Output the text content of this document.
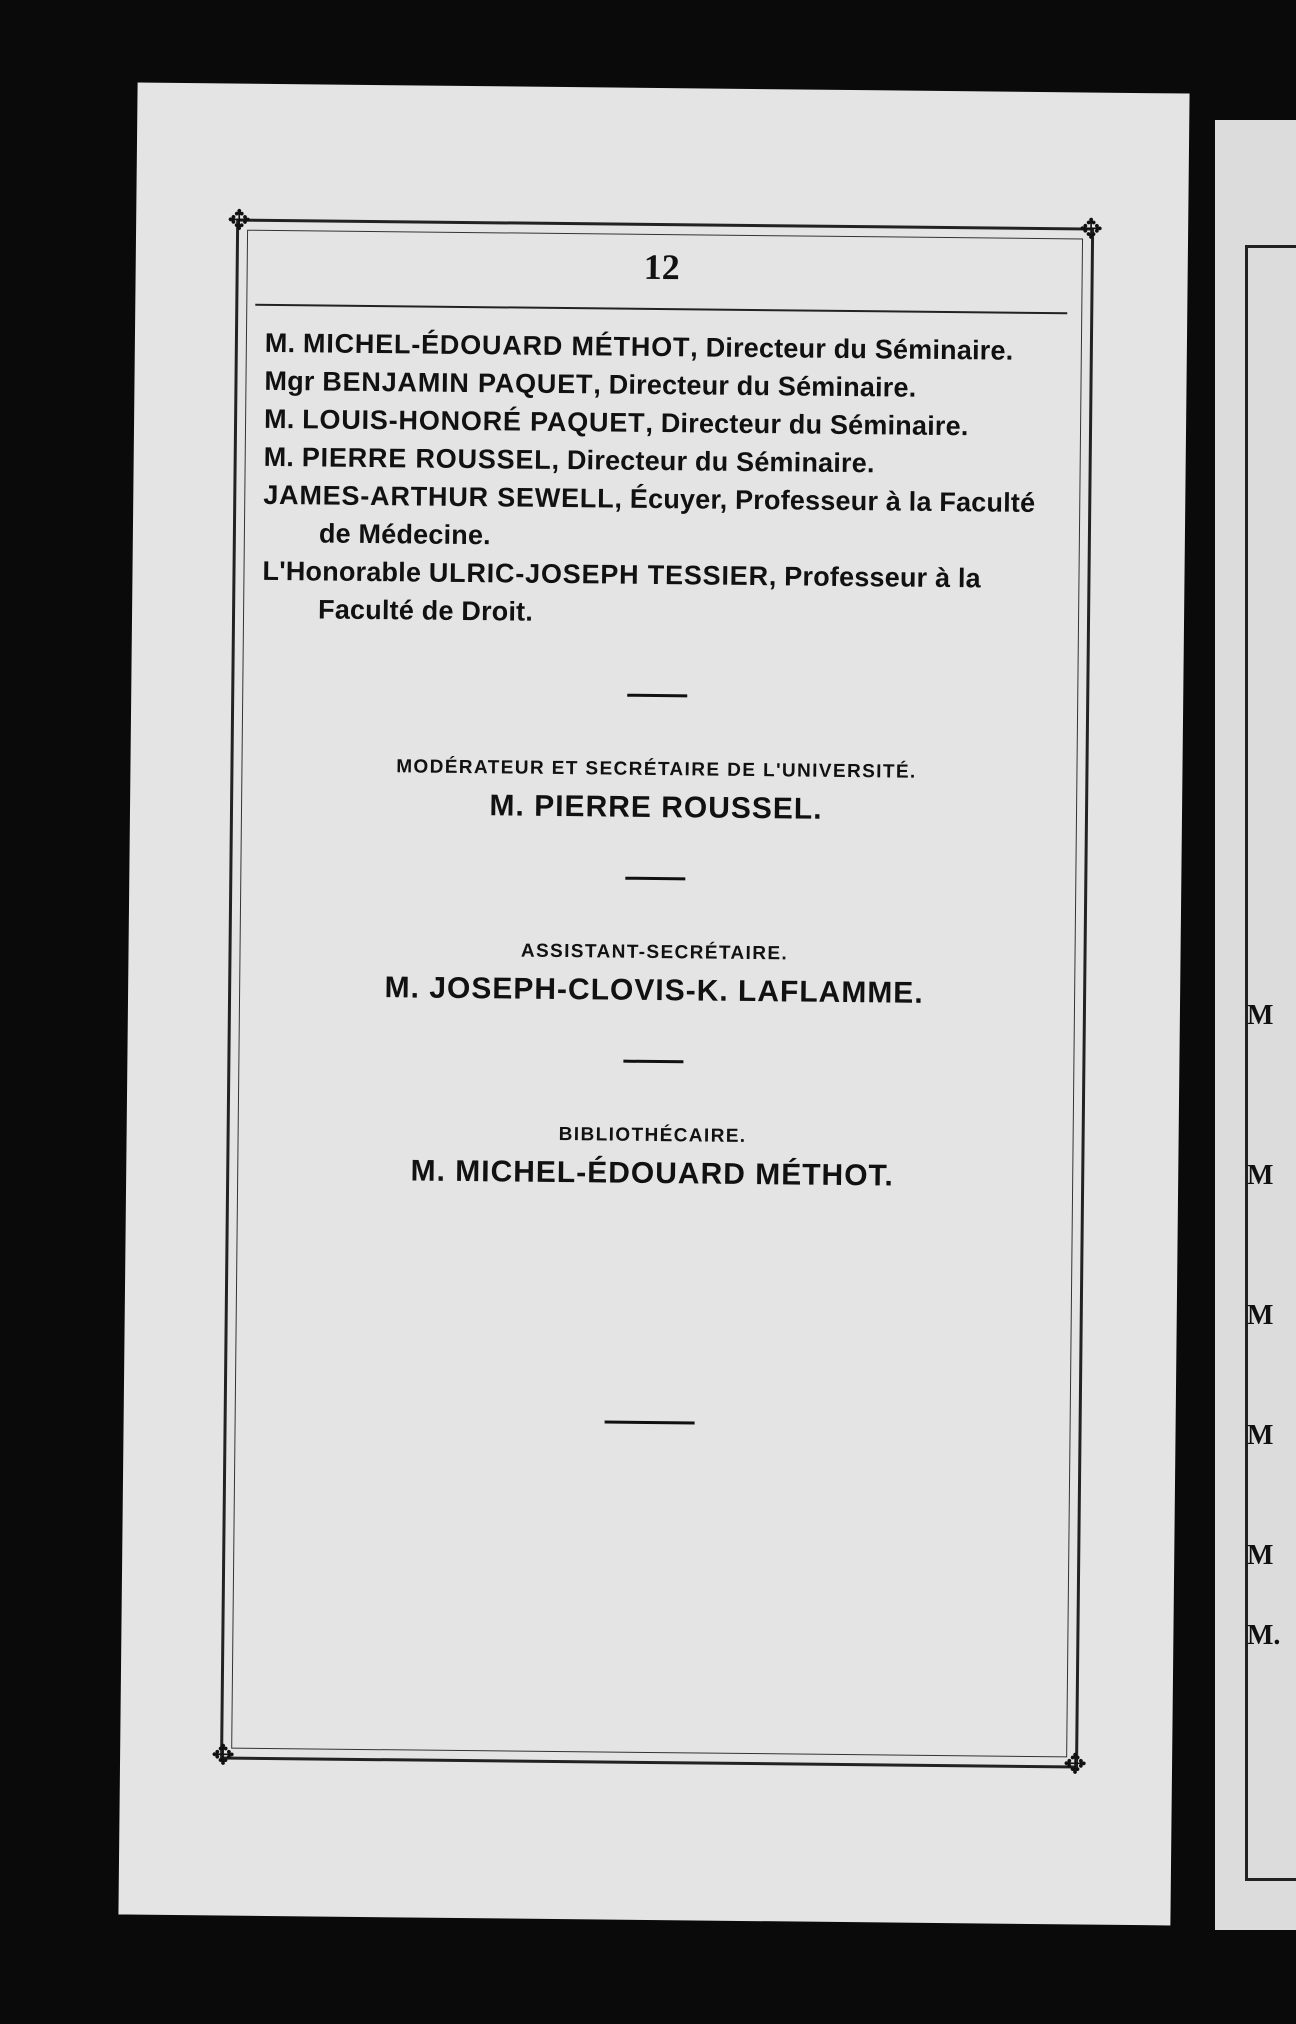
M
M
M
M
M
M.
✥	✥
✥	✥
12
M. MICHEL-ÉDOUARD MÉTHOT, Directeur du Séminaire.
Mgr BENJAMIN PAQUET, Directeur du Séminaire.
M. LOUIS-HONORÉ PAQUET, Directeur du Séminaire.
M. PIERRE ROUSSEL, Directeur du Séminaire.
JAMES-ARTHUR SEWELL, Écuyer, Professeur à la Faculté de Médecine.
L'Honorable ULRIC-JOSEPH TESSIER, Professeur à la Faculté de Droit.
MODÉRATEUR ET SECRÉTAIRE DE L'UNIVERSITÉ.
M. PIERRE ROUSSEL.
ASSISTANT-SECRÉTAIRE.
M. JOSEPH-CLOVIS-K. LAFLAMME.
BIBLIOTHÉCAIRE.
M. MICHEL-ÉDOUARD MÉTHOT.
